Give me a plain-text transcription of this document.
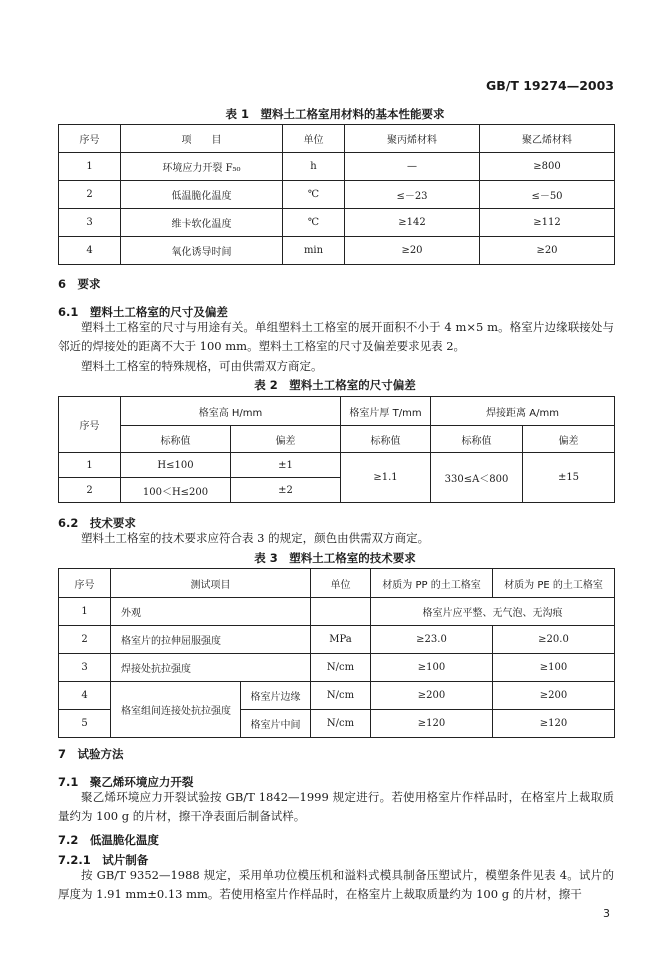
GB/T 19274—2003
表 1　塑料土工格室用材料的基本性能要求
序号	项　　目	单位	聚丙烯材料	聚乙烯材料
1	环境应力开裂 F₅₀	h	—	≥800
2	低温脆化温度	℃	≤－23	≤－50
3	维卡软化温度	℃	≥142	≥112
4	氧化诱导时间	min	≥20	≥20
6　要求
6.1　塑料土工格室的尺寸及偏差
塑料土工格室的尺寸与用途有关。单组塑料土工格室的展开面积不小于 4 m×5 m。格室片边缘联接处与邻近的焊接处的距离不大于 100 mm。塑料土工格室的尺寸及偏差要求见表 2。
塑料土工格室的特殊规格，可由供需双方商定。
表 2　塑料土工格室的尺寸偏差
序号	格室高 H/mm		格室片厚 T/mm	焊接距离 A/mm	
	标称值	偏差	标称值	标称值	偏差
1	H≤100	±1	≥1.1	330≤A＜800	±15
2	100＜H≤200	±2			
6.2　技术要求
塑料土工格室的技术要求应符合表 3 的规定，颜色由供需双方商定。
表 3　塑料土工格室的技术要求
序号	测试项目		单位	材质为 PP 的土工格室	材质为 PE 的土工格室
1	外观			格室片应平整、无气泡、无沟痕	
2	格室片的拉伸屈服强度		MPa	≥23.0	≥20.0
3	焊接处抗拉强度		N/cm	≥100	≥100
4	格室组间连接处抗拉强度	格室片边缘	N/cm	≥200	≥200
5		格室片中间	N/cm	≥120	≥120
7　试验方法
7.1　聚乙烯环境应力开裂
聚乙烯环境应力开裂试验按 GB/T 1842—1999 规定进行。若使用格室片作样品时，在格室片上裁取质量约为 100 g 的片材，擦干净表面后制备试样。
7.2　低温脆化温度
7.2.1　试片制备
按 GB/T 9352—1988 规定，采用单功位模压机和溢料式模具制备压塑试片，模塑条件见表 4。试片的厚度为 1.91 mm±0.13 mm。若使用格室片作样品时，在格室片上裁取质量约为 100 g 的片材，擦干
3
